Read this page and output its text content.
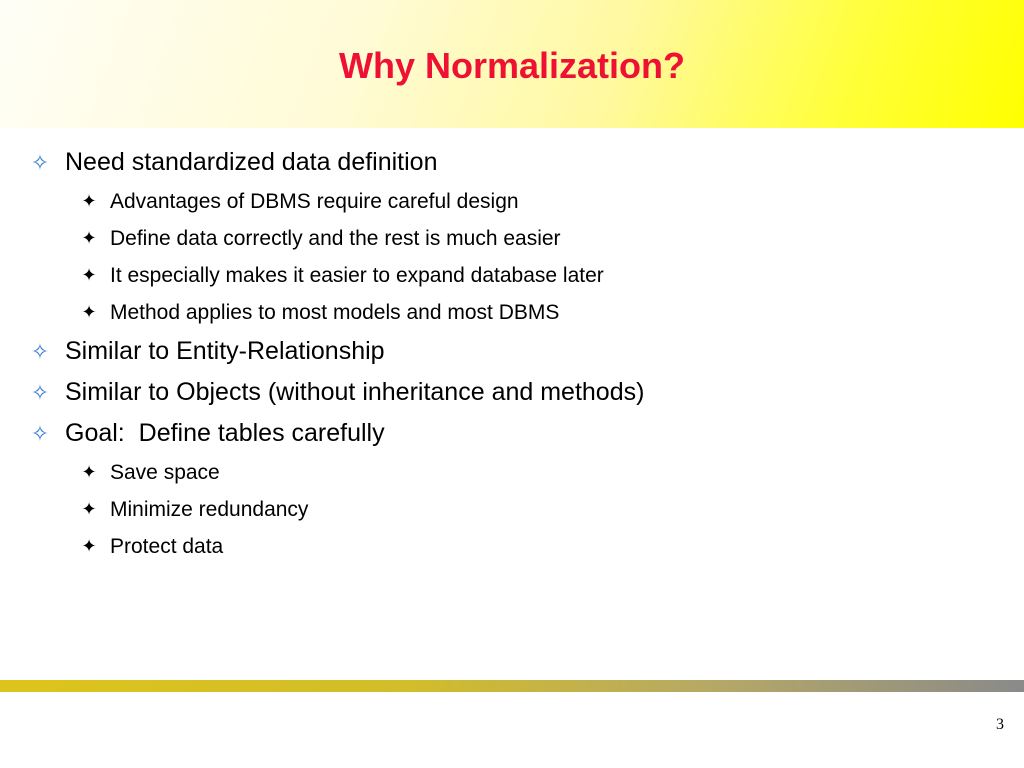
Why Normalization?
✧ Need standardized data definition
✦ Advantages of DBMS require careful design
✦ Define data correctly and the rest is much easier
✦ It especially makes it easier to expand database later
✦ Method applies to most models and most DBMS
✧ Similar to Entity-Relationship
✧ Similar to Objects (without inheritance and methods)
✧ Goal:  Define tables carefully
✦ Save space
✦ Minimize redundancy
✦ Protect data
3
